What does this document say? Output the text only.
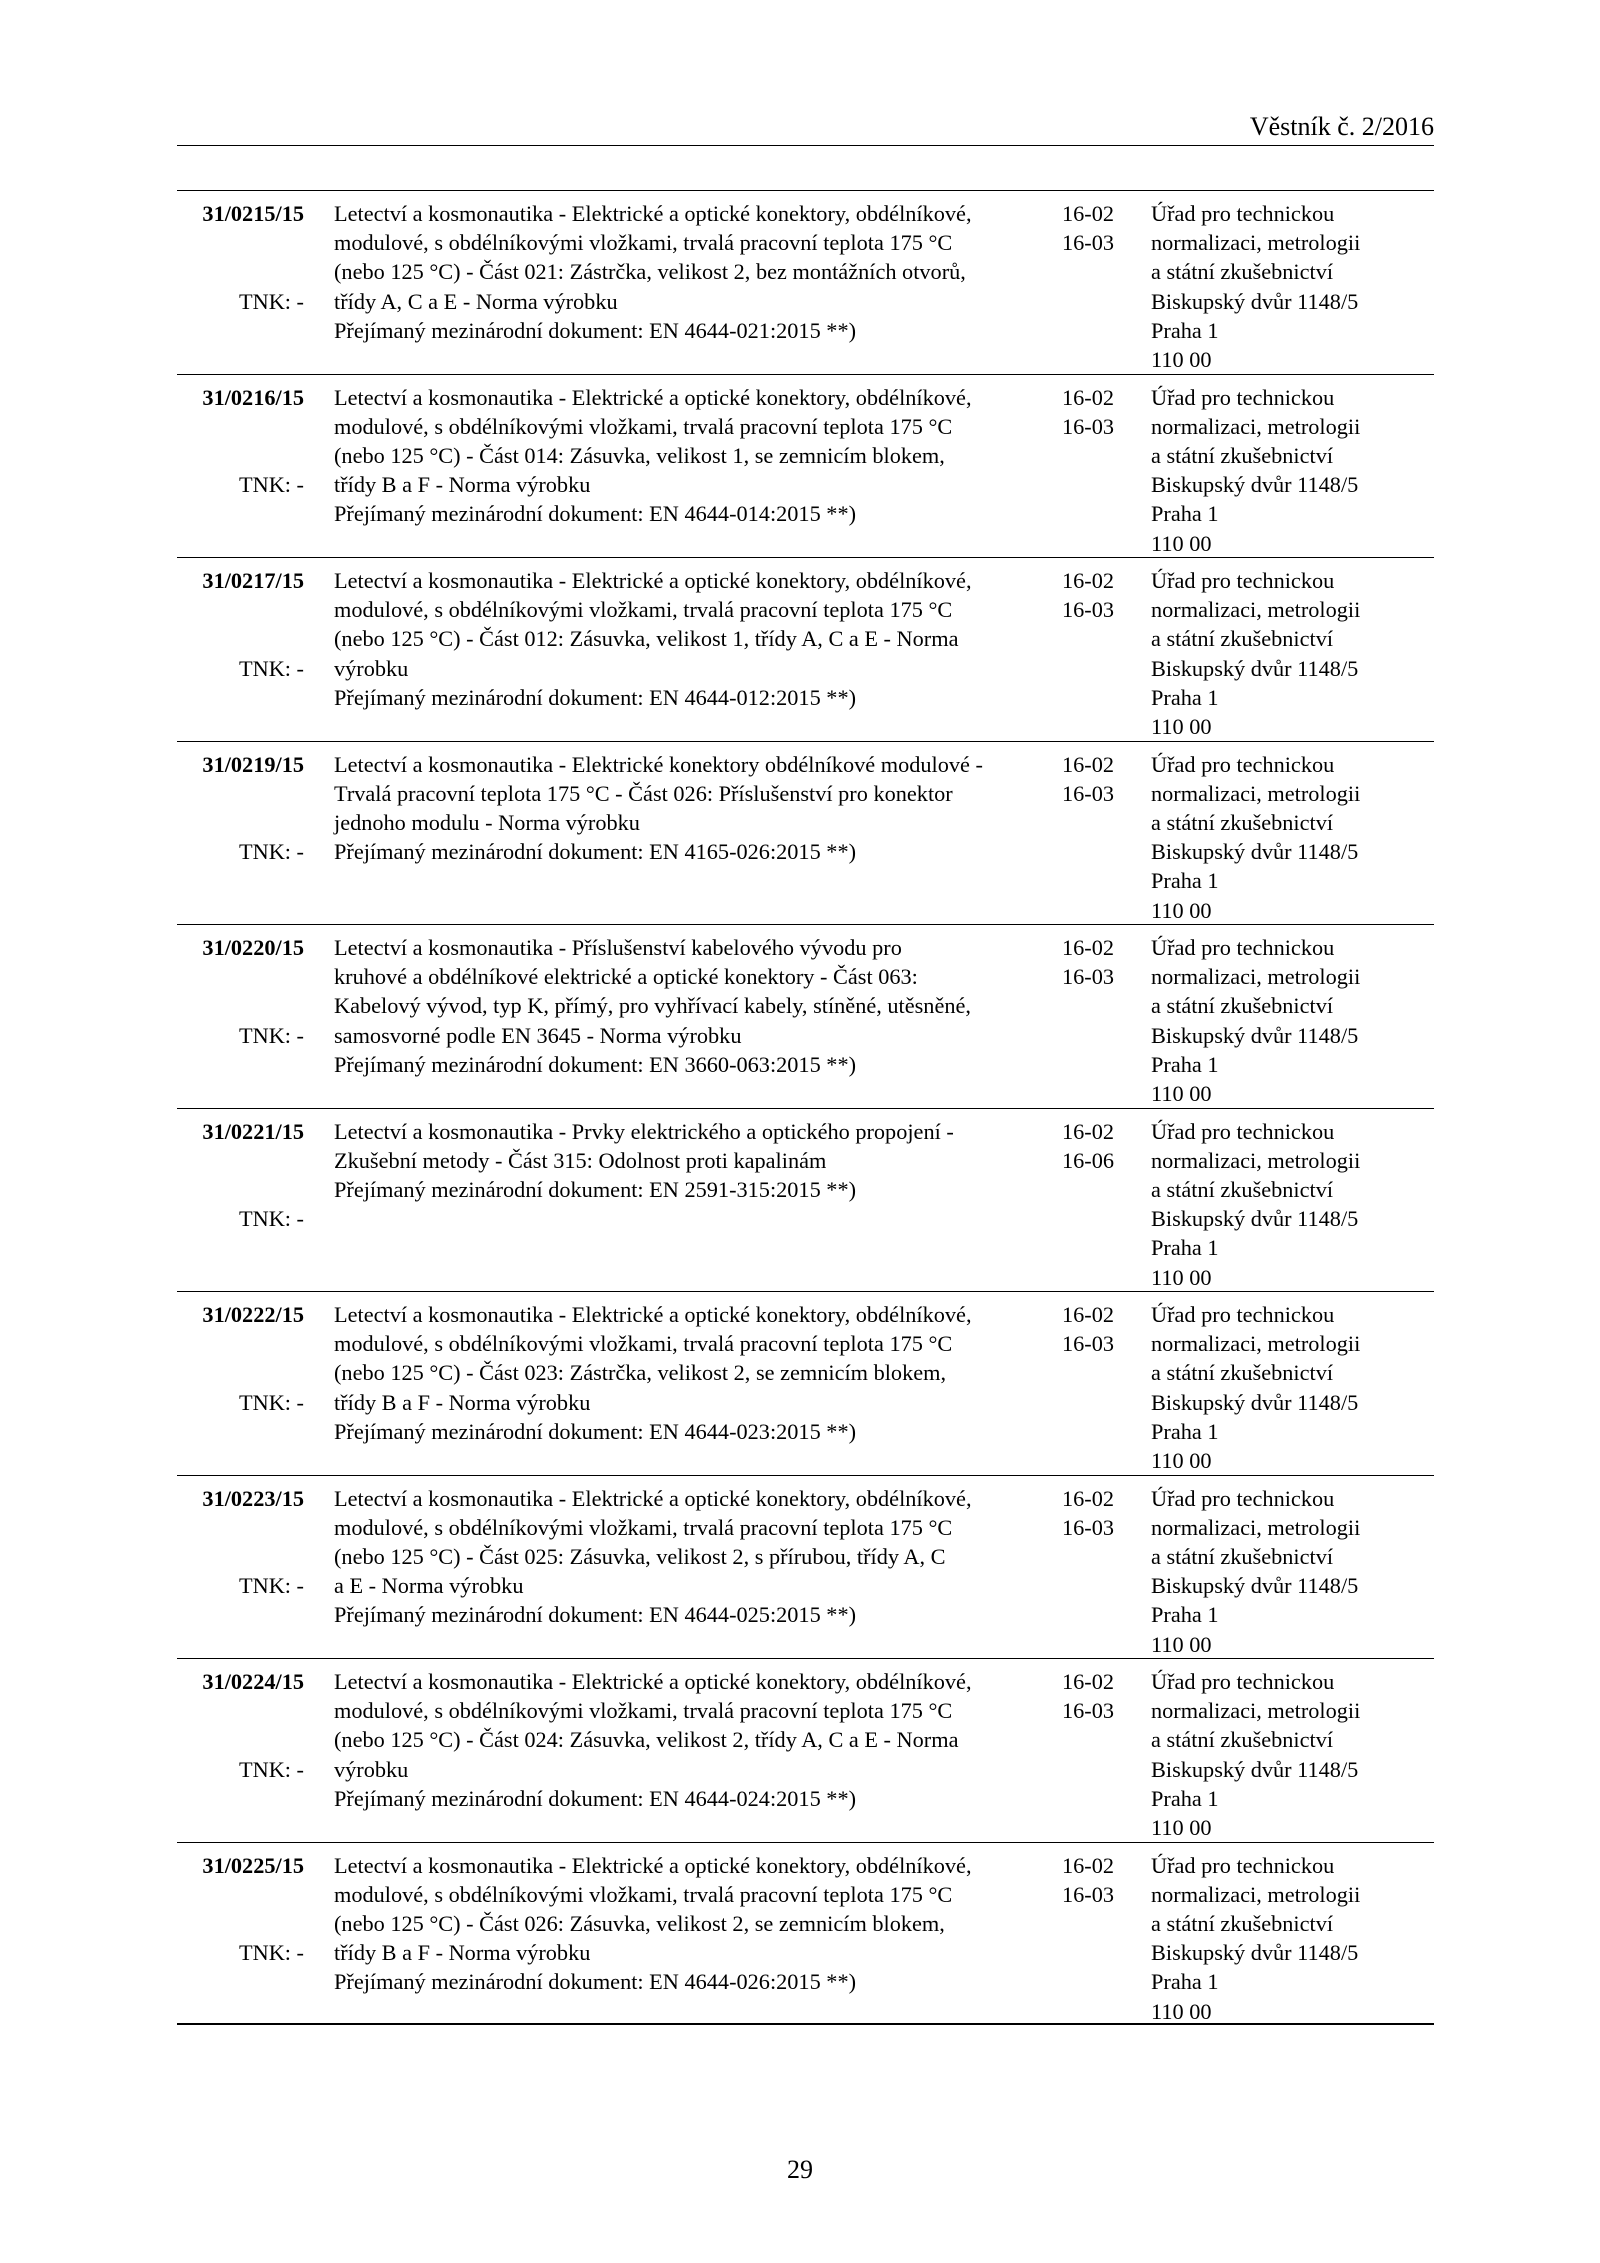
Věstník č. 2/2016
31/0215/15
TNK: -
Letectví a kosmonautika - Elektrické a optické konektory, obdélníkové,
modulové, s obdélníkovými vložkami, trvalá pracovní teplota 175 °C
(nebo 125 °C) - Část 021: Zástrčka, velikost 2, bez montážních otvorů,
třídy A, C a E - Norma výrobku
Přejímaný mezinárodní dokument: EN 4644-021:2015 **)
16-02
16-03
Úřad pro technickou
normalizaci, metrologii
a státní zkušebnictví
Biskupský dvůr 1148/5
Praha 1
110 00
31/0216/15
TNK: -
Letectví a kosmonautika - Elektrické a optické konektory, obdélníkové,
modulové, s obdélníkovými vložkami, trvalá pracovní teplota 175 °C
(nebo 125 °C) - Část 014: Zásuvka, velikost 1, se zemnicím blokem,
třídy B a F - Norma výrobku
Přejímaný mezinárodní dokument: EN 4644-014:2015 **)
16-02
16-03
Úřad pro technickou
normalizaci, metrologii
a státní zkušebnictví
Biskupský dvůr 1148/5
Praha 1
110 00
31/0217/15
TNK: -
Letectví a kosmonautika - Elektrické a optické konektory, obdélníkové,
modulové, s obdélníkovými vložkami, trvalá pracovní teplota 175 °C
(nebo 125 °C) - Část 012: Zásuvka, velikost 1, třídy A, C a E - Norma
výrobku
Přejímaný mezinárodní dokument: EN 4644-012:2015 **)
16-02
16-03
Úřad pro technickou
normalizaci, metrologii
a státní zkušebnictví
Biskupský dvůr 1148/5
Praha 1
110 00
31/0219/15
TNK: -
Letectví a kosmonautika - Elektrické konektory obdélníkové modulové -
Trvalá pracovní teplota 175 °C - Část 026: Příslušenství pro konektor
jednoho modulu - Norma výrobku
Přejímaný mezinárodní dokument: EN 4165-026:2015 **)
16-02
16-03
Úřad pro technickou
normalizaci, metrologii
a státní zkušebnictví
Biskupský dvůr 1148/5
Praha 1
110 00
31/0220/15
TNK: -
Letectví a kosmonautika - Příslušenství kabelového vývodu pro
kruhové a obdélníkové elektrické a optické konektory - Část 063:
Kabelový vývod, typ K, přímý, pro vyhřívací kabely, stíněné, utěsněné,
samosvorné podle EN 3645 - Norma výrobku
Přejímaný mezinárodní dokument: EN 3660-063:2015 **)
16-02
16-03
Úřad pro technickou
normalizaci, metrologii
a státní zkušebnictví
Biskupský dvůr 1148/5
Praha 1
110 00
31/0221/15
TNK: -
Letectví a kosmonautika - Prvky elektrického a optického propojení -
Zkušební metody - Část 315: Odolnost proti kapalinám
Přejímaný mezinárodní dokument: EN 2591-315:2015 **)
16-02
16-06
Úřad pro technickou
normalizaci, metrologii
a státní zkušebnictví
Biskupský dvůr 1148/5
Praha 1
110 00
31/0222/15
TNK: -
Letectví a kosmonautika - Elektrické a optické konektory, obdélníkové,
modulové, s obdélníkovými vložkami, trvalá pracovní teplota 175 °C
(nebo 125 °C) - Část 023: Zástrčka, velikost 2, se zemnicím blokem,
třídy B a F - Norma výrobku
Přejímaný mezinárodní dokument: EN 4644-023:2015 **)
16-02
16-03
Úřad pro technickou
normalizaci, metrologii
a státní zkušebnictví
Biskupský dvůr 1148/5
Praha 1
110 00
31/0223/15
TNK: -
Letectví a kosmonautika - Elektrické a optické konektory, obdélníkové,
modulové, s obdélníkovými vložkami, trvalá pracovní teplota 175 °C
(nebo 125 °C) - Část 025: Zásuvka, velikost 2, s přírubou, třídy A, C
a E - Norma výrobku
Přejímaný mezinárodní dokument: EN 4644-025:2015 **)
16-02
16-03
Úřad pro technickou
normalizaci, metrologii
a státní zkušebnictví
Biskupský dvůr 1148/5
Praha 1
110 00
31/0224/15
TNK: -
Letectví a kosmonautika - Elektrické a optické konektory, obdélníkové,
modulové, s obdélníkovými vložkami, trvalá pracovní teplota 175 °C
(nebo 125 °C) - Část 024: Zásuvka, velikost 2, třídy A, C a E - Norma
výrobku
Přejímaný mezinárodní dokument: EN 4644-024:2015 **)
16-02
16-03
Úřad pro technickou
normalizaci, metrologii
a státní zkušebnictví
Biskupský dvůr 1148/5
Praha 1
110 00
31/0225/15
TNK: -
Letectví a kosmonautika - Elektrické a optické konektory, obdélníkové,
modulové, s obdélníkovými vložkami, trvalá pracovní teplota 175 °C
(nebo 125 °C) - Část 026: Zásuvka, velikost 2, se zemnicím blokem,
třídy B a F - Norma výrobku
Přejímaný mezinárodní dokument: EN 4644-026:2015 **)
16-02
16-03
Úřad pro technickou
normalizaci, metrologii
a státní zkušebnictví
Biskupský dvůr 1148/5
Praha 1
110 00
29
